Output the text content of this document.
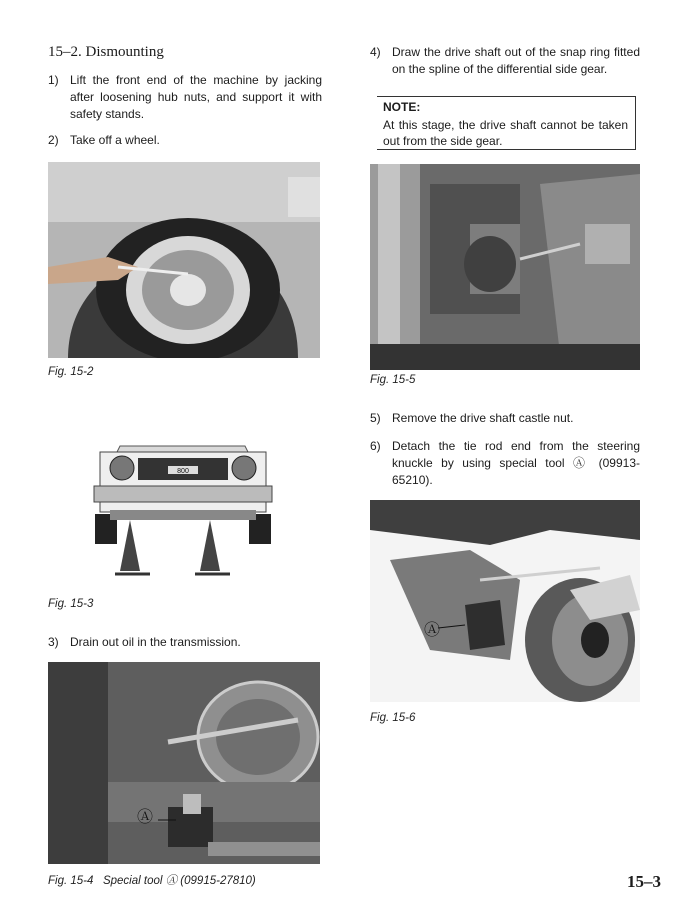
15–2. Dismounting
1) Lift the front end of the machine by jacking after loosening hub nuts, and support it with safety stands.
2) Take off a wheel.
Fig. 15-2
800
Fig. 15-3
3) Drain out oil in the transmission.
Ⓐ
Fig. 15-4   Special tool Ⓐ (09915-27810)
4) Draw the drive shaft out of the snap ring fitted on the spline of the differential side gear.
NOTE:
At this stage, the drive shaft cannot be taken out from the side gear.
Fig. 15-5
5) Remove the drive shaft castle nut.
6) Detach the tie rod end from the steering knuckle by using special tool Ⓐ (09913-65210).
Ⓐ
Fig. 15-6
15–3
